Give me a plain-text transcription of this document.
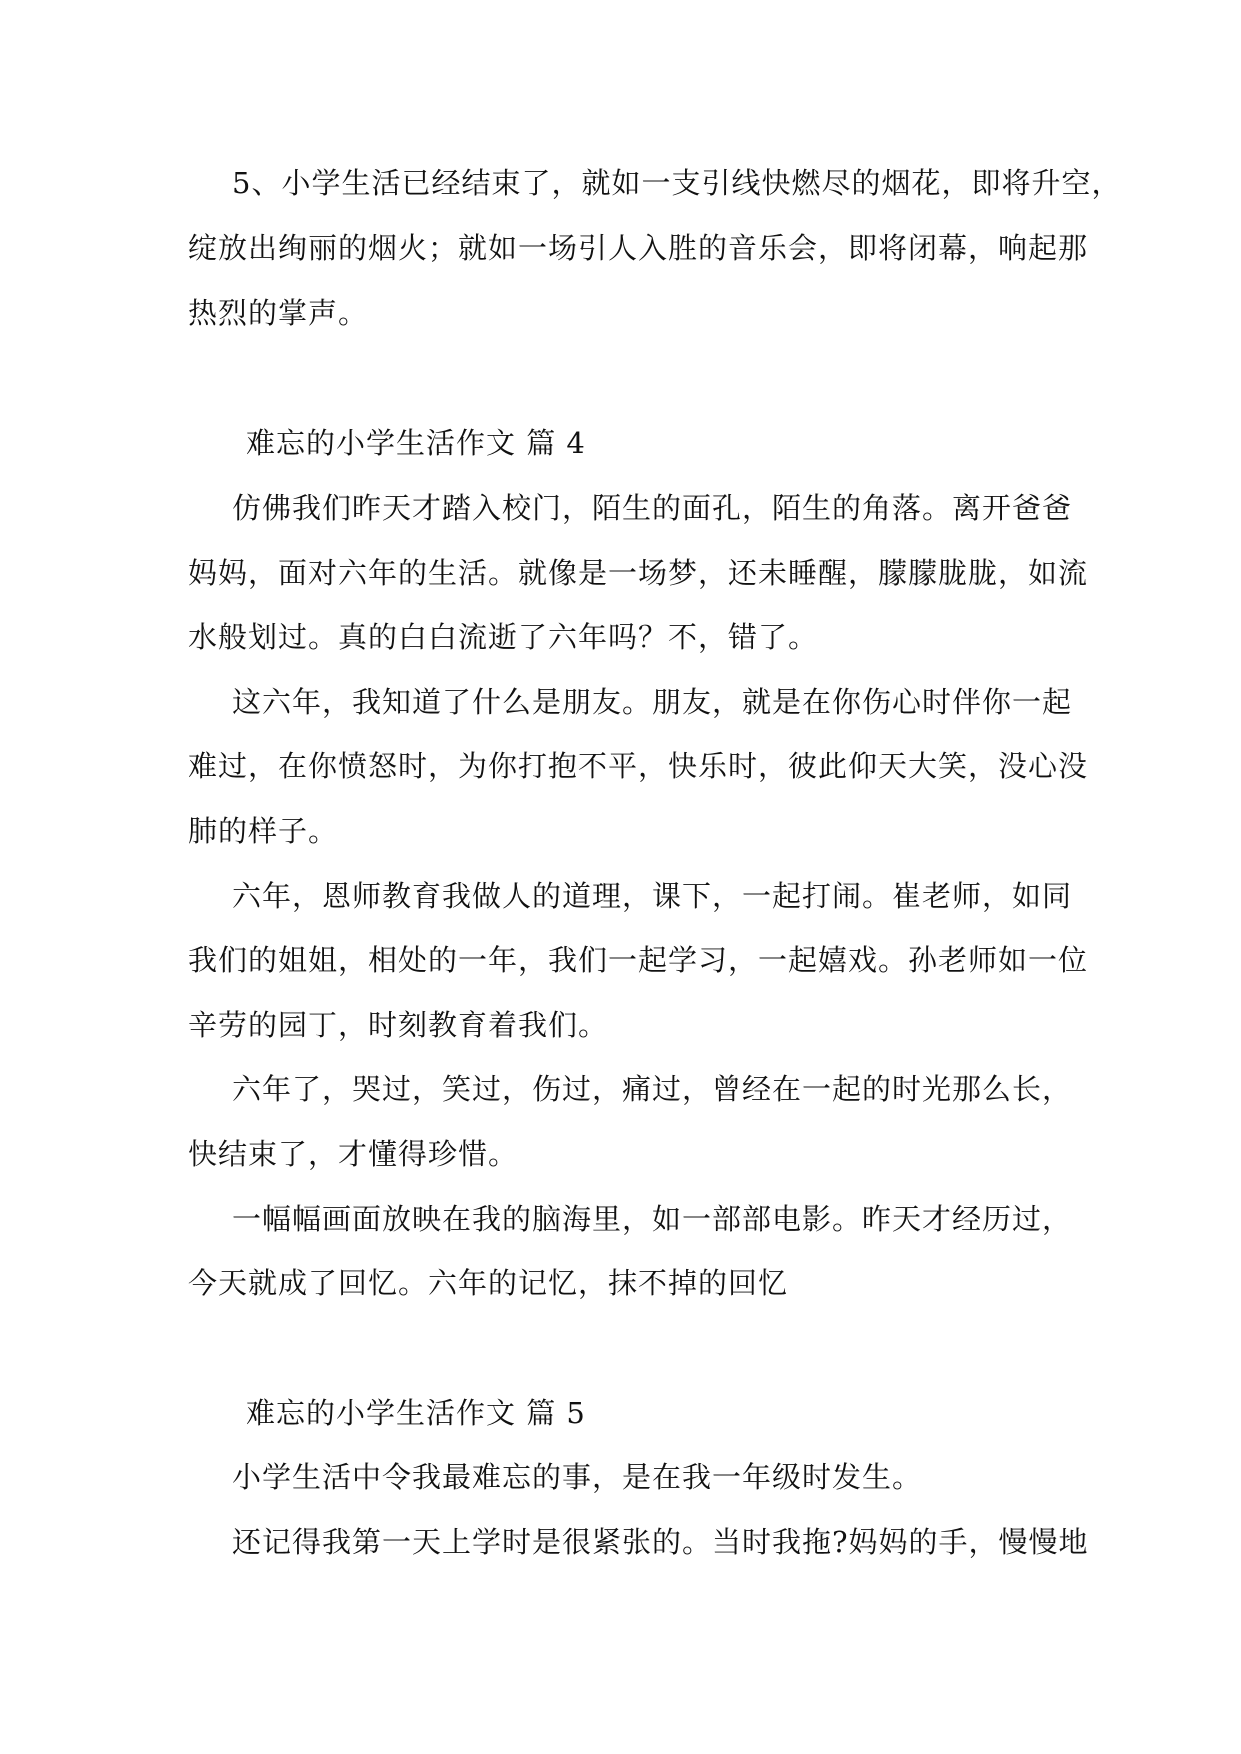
5、小学生活已经结束了，就如一支引线快燃尽的烟花，即将升空，
绽放出绚丽的烟火；就如一场引人入胜的音乐会，即将闭幕，响起那
热烈的掌声。
难忘的小学生活作文 篇 4
仿佛我们昨天才踏入校门，陌生的面孔，陌生的角落。离开爸爸
妈妈，面对六年的生活。就像是一场梦，还未睡醒，朦朦胧胧，如流
水般划过。真的白白流逝了六年吗？不，错了。
这六年，我知道了什么是朋友。朋友，就是在你伤心时伴你一起
难过，在你愤怒时，为你打抱不平，快乐时，彼此仰天大笑，没心没
肺的样子。
六年，恩师教育我做人的道理，课下，一起打闹。崔老师，如同
我们的姐姐，相处的一年，我们一起学习，一起嬉戏。孙老师如一位
辛劳的园丁，时刻教育着我们。
六年了，哭过，笑过，伤过，痛过，曾经在一起的时光那么长，
快结束了，才懂得珍惜。
一幅幅画面放映在我的脑海里，如一部部电影。昨天才经历过，
今天就成了回忆。六年的记忆，抹不掉的回忆
难忘的小学生活作文 篇 5
小学生活中令我最难忘的事，是在我一年级时发生。
还记得我第一天上学时是很紧张的。当时我拖?妈妈的手，慢慢地
